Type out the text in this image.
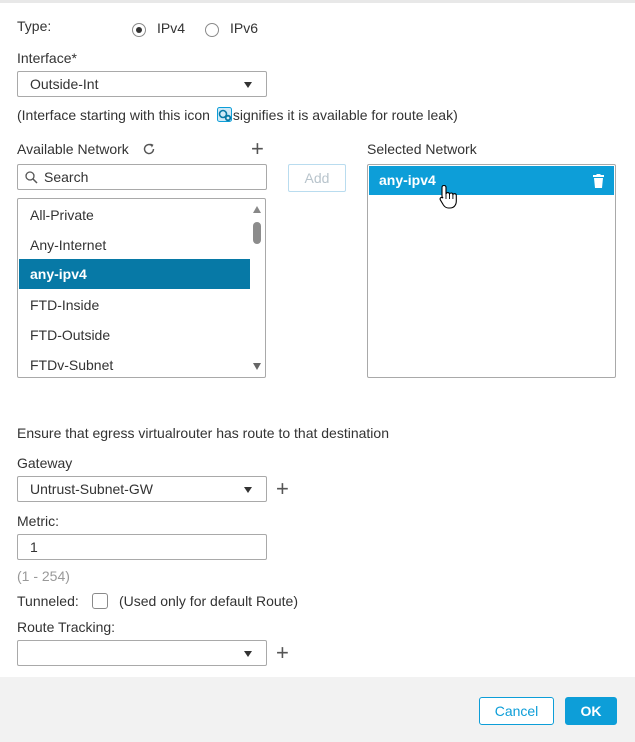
Type:	IPv4	IPv6
Interface*
Outside-Int
(Interface starting with this icon signifies it is available for route leak)
Available Network	+
Search	Add
All-Private
Any-Internet
any-ipv4
FTD-Inside
FTD-Outside
FTDv-Subnet
Selected Network
any-ipv4
Ensure that egress virtualrouter has route to that destination
Gateway
Untrust-Subnet-GW	+
Metric:
1
(1 - 254)
Tunneled:	(Used only for default Route)
Route Tracking:
+
Cancel	OK
